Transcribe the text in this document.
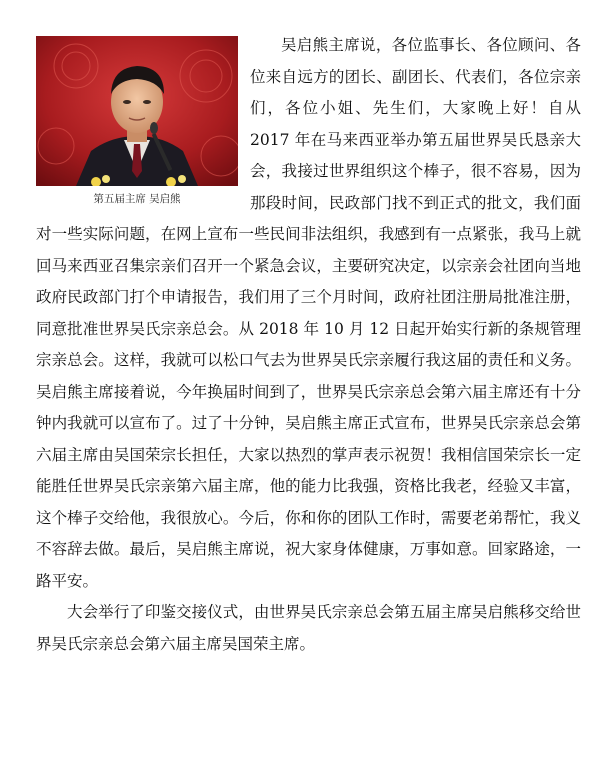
第五届主席 吴启熊

吴启熊主席说，各位监事长、各位顾问、各位来自远方的团长、副团长、代表们，各位宗亲们，各位小姐、先生们，大家晚上好！自从 2017 年在马来西亚举办第五届世界吴氏恳亲大会，我接过世界组织这个棒子，很不容易，因为那段时间，民政部门找不到正式的批文，我们面对一些实际问题，在网上宣布一些民间非法组织，我感到有一点紧张，我马上就回马来西亚召集宗亲们召开一个紧急会议，主要研究决定，以宗亲会社团向当地政府民政部门打个申请报告，我们用了三个月时间，政府社团注册局批准注册，同意批准世界吴氏宗亲总会。从 2018 年 10 月 12 日起开始实行新的条规管理宗亲总会。这样，我就可以松口气去为世界吴氏宗亲履行我这届的责任和义务。吴启熊主席接着说，今年换届时间到了，世界吴氏宗亲总会第六届主席还有十分钟内我就可以宣布了。过了十分钟，吴启熊主席正式宣布，世界吴氏宗亲总会第六届主席由吴国荣宗长担任，大家以热烈的掌声表示祝贺！我相信国荣宗长一定能胜任世界吴氏宗亲第六届主席，他的能力比我强，资格比我老，经验又丰富，这个棒子交给他，我很放心。今后，你和你的团队工作时，需要老弟帮忙，我义不容辞去做。最后，吴启熊主席说，祝大家身体健康，万事如意。回家路途，一路平安。

大会举行了印鉴交接仪式，由世界吴氏宗亲总会第五届主席吴启熊移交给世界吴氏宗亲总会第六届主席吴国荣主席。
